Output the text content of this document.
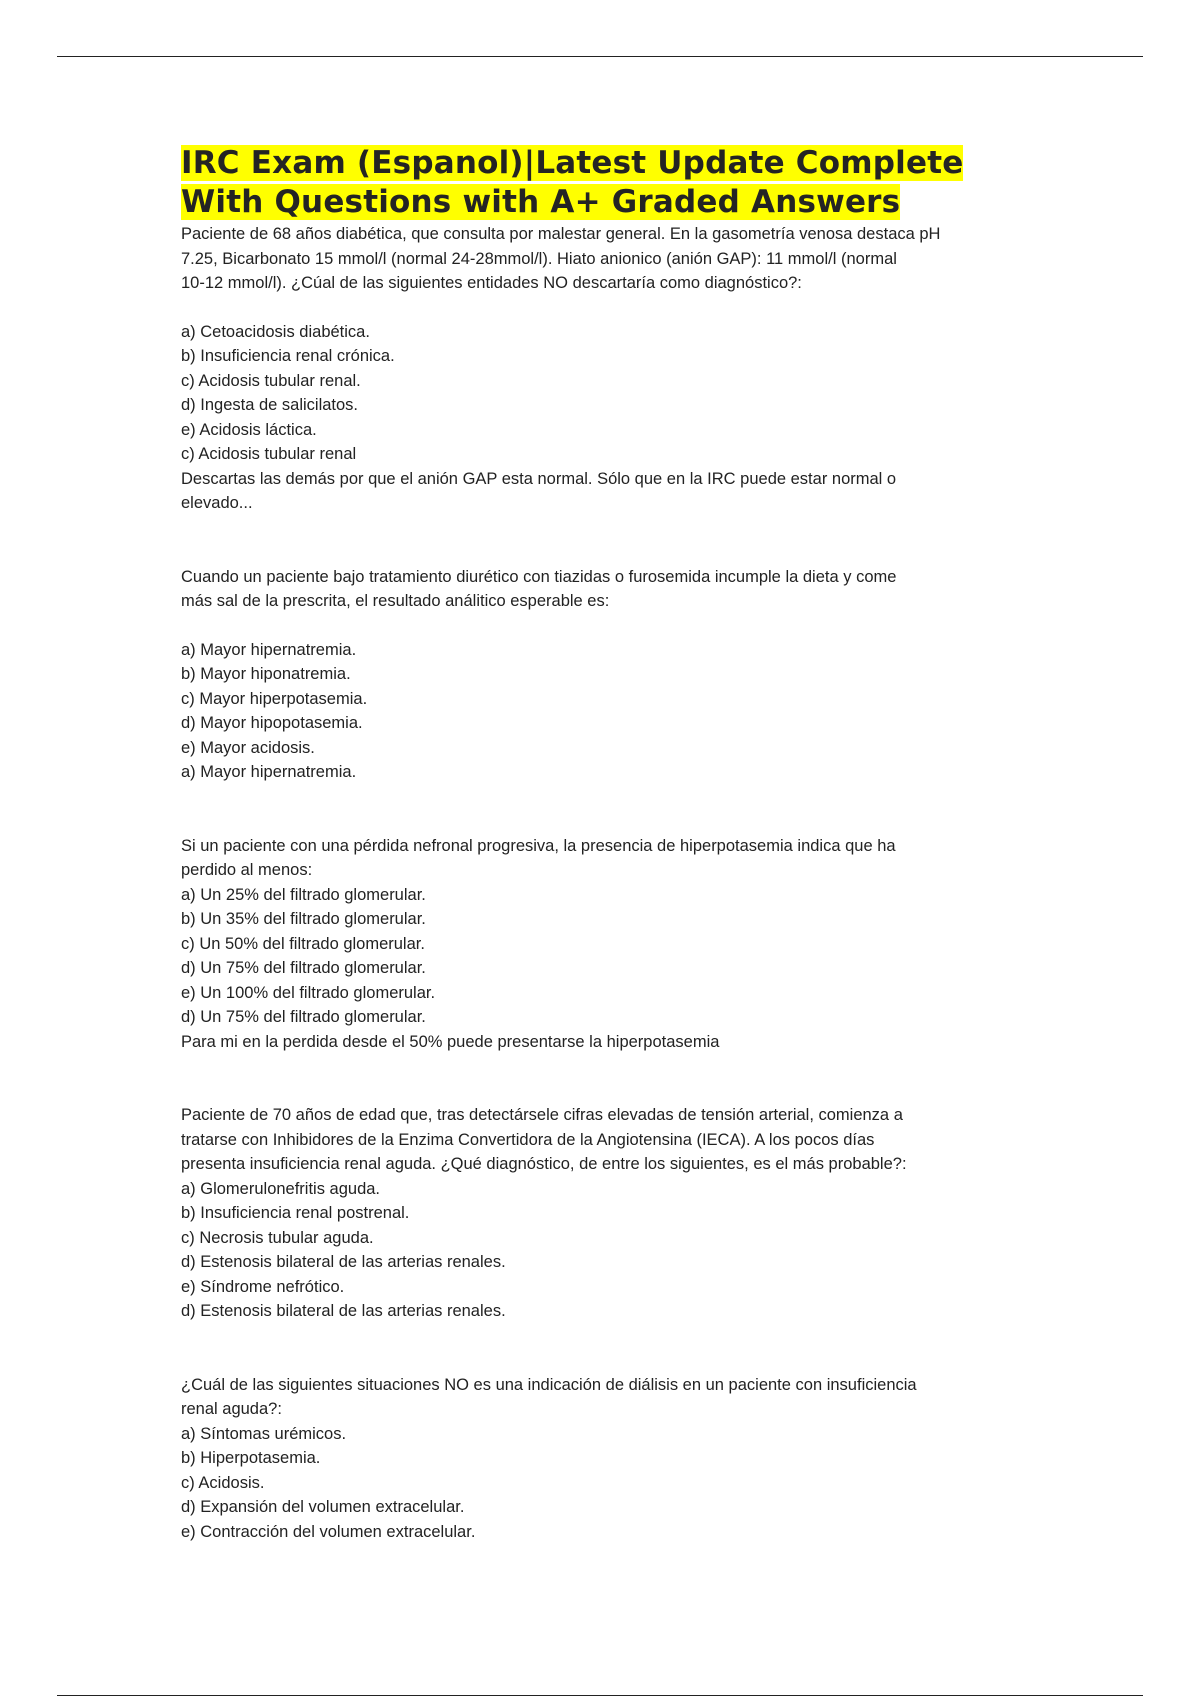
IRC Exam (Espanol)|Latest Update Complete
With Questions with A+ Graded Answers
Paciente de 68 años diabética, que consulta por malestar general. En la gasometría venosa destaca pH
7.25, Bicarbonato 15 mmol/l (normal 24-28mmol/l). Hiato anionico (anión GAP): 11 mmol/l (normal
10-12 mmol/l). ¿Cúal de las siguientes entidades NO descartaría como diagnóstico?:
a) Cetoacidosis diabética.
b) Insuficiencia renal crónica.
c) Acidosis tubular renal.
d) Ingesta de salicilatos.
e) Acidosis láctica.
c) Acidosis tubular renal
Descartas las demás por que el anión GAP esta normal. Sólo que en la IRC puede estar normal o
elevado...
Cuando un paciente bajo tratamiento diurético con tiazidas o furosemida incumple la dieta y come
más sal de la prescrita, el resultado análitico esperable es:
a) Mayor hipernatremia.
b) Mayor hiponatremia.
c) Mayor hiperpotasemia.
d) Mayor hipopotasemia.
e) Mayor acidosis.
a) Mayor hipernatremia.
Si un paciente con una pérdida nefronal progresiva, la presencia de hiperpotasemia indica que ha
perdido al menos:
a) Un 25% del filtrado glomerular.
b) Un 35% del filtrado glomerular.
c) Un 50% del filtrado glomerular.
d) Un 75% del filtrado glomerular.
e) Un 100% del filtrado glomerular.
d) Un 75% del filtrado glomerular.
Para mi en la perdida desde el 50% puede presentarse la hiperpotasemia
Paciente de 70 años de edad que, tras detectársele cifras elevadas de tensión arterial, comienza a
tratarse con Inhibidores de la Enzima Convertidora de la Angiotensina (IECA). A los pocos días
presenta insuficiencia renal aguda. ¿Qué diagnóstico, de entre los siguientes, es el más probable?:
a) Glomerulonefritis aguda.
b) Insuficiencia renal postrenal.
c) Necrosis tubular aguda.
d) Estenosis bilateral de las arterias renales.
e) Síndrome nefrótico.
d) Estenosis bilateral de las arterias renales.
¿Cuál de las siguientes situaciones NO es una indicación de diálisis en un paciente con insuficiencia
renal aguda?:
a) Síntomas urémicos.
b) Hiperpotasemia.
c) Acidosis.
d) Expansión del volumen extracelular.
e) Contracción del volumen extracelular.
